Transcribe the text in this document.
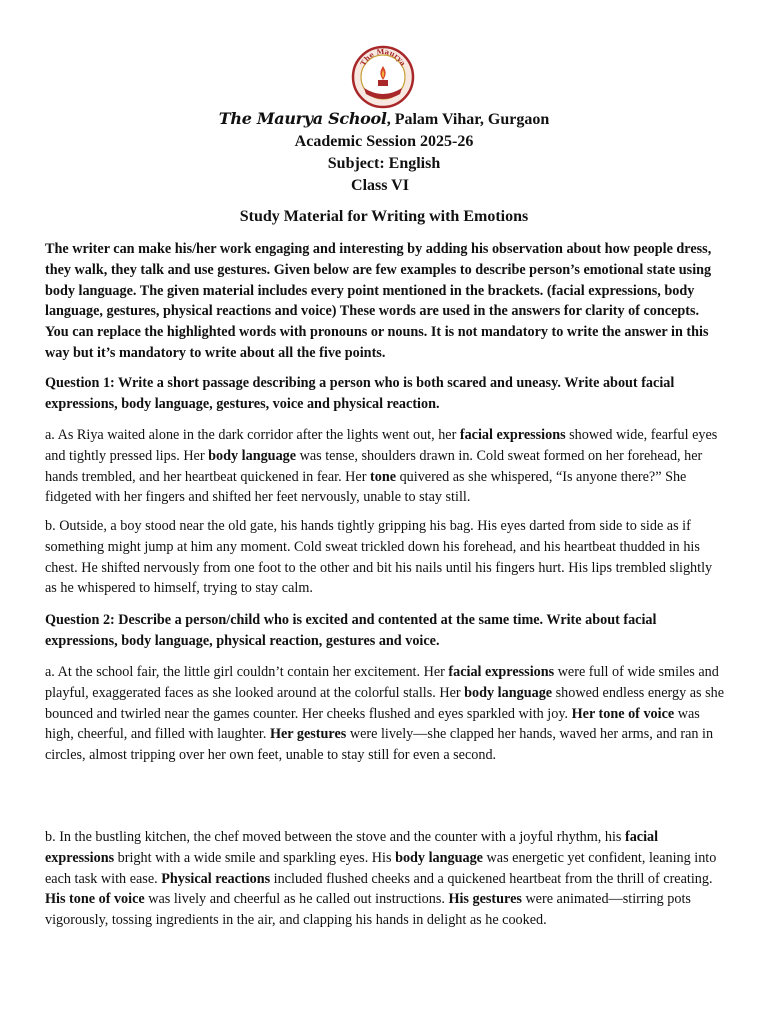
The Maurya
The Maurya School, Palam Vihar, Gurgaon
Academic Session 2025-26
Subject: English
Class VI
Study Material for Writing with Emotions
The writer can make his/her work engaging and interesting by adding his observation about how people dress, they walk, they talk and use gestures. Given below are few examples to describe person’s emotional state using body language. The given material includes every point mentioned in the brackets. (facial expressions, body language, gestures, physical reactions and voice) These words are used in the answers for clarity of concepts. You can replace the highlighted words with pronouns or nouns. It is not mandatory to write the answer in this way but it’s mandatory to write about all the five points.
Question 1: Write a short passage describing a person who is both scared and uneasy. Write about facial expressions, body language, gestures, voice and physical reaction.
a. As Riya waited alone in the dark corridor after the lights went out, her facial expressions showed wide, fearful eyes and tightly pressed lips. Her body language was tense, shoulders drawn in. Cold sweat formed on her forehead, her hands trembled, and her heartbeat quickened in fear. Her tone quivered as she whispered, “Is anyone there?” She fidgeted with her fingers and shifted her feet nervously, unable to stay still.
b. Outside, a boy stood near the old gate, his hands tightly gripping his bag. His eyes darted from side to side as if something might jump at him any moment. Cold sweat trickled down his forehead, and his heartbeat thudded in his chest. He shifted nervously from one foot to the other and bit his nails until his fingers hurt. His lips trembled slightly as he whispered to himself, trying to stay calm.
Question 2: Describe a person/child who is excited and contented at the same time. Write about facial expressions, body language, physical reaction, gestures and voice.
a. At the school fair, the little girl couldn’t contain her excitement. Her facial expressions were full of wide smiles and playful, exaggerated faces as she looked around at the colorful stalls. Her body language showed endless energy as she bounced and twirled near the games counter. Her cheeks flushed and eyes sparkled with joy. Her tone of voice was high, cheerful, and filled with laughter. Her gestures were lively—she clapped her hands, waved her arms, and ran in circles, almost tripping over her own feet, unable to stay still for even a second.
b. In the bustling kitchen, the chef moved between the stove and the counter with a joyful rhythm, his facial expressions bright with a wide smile and sparkling eyes. His body language was energetic yet confident, leaning into each task with ease. Physical reactions included flushed cheeks and a quickened heartbeat from the thrill of creating. His tone of voice was lively and cheerful as he called out instructions. His gestures were animated—stirring pots vigorously, tossing ingredients in the air, and clapping his hands in delight as he cooked.
